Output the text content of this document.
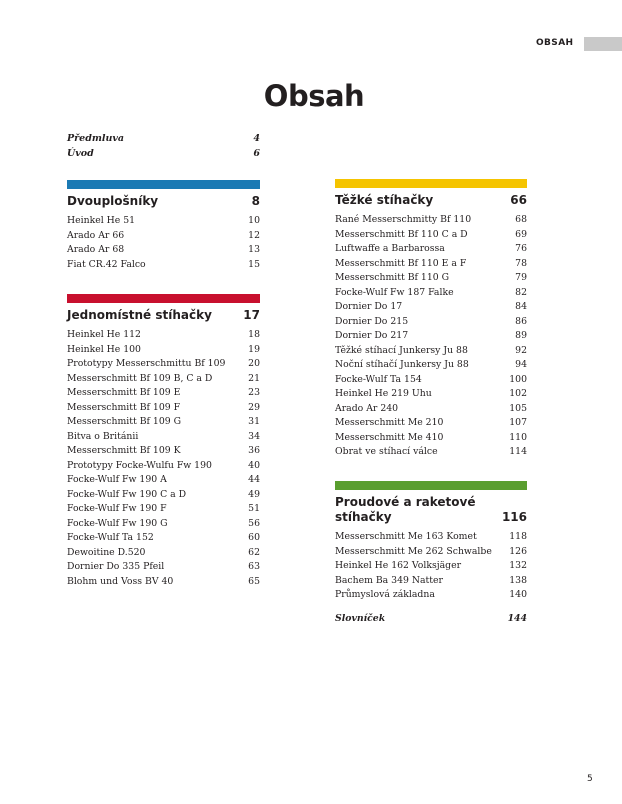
OBSAH
Obsah
Předmluva	4
Úvod	6
Dvouplošníky	8
Heinkel He 51	10
Arado Ar 66	12
Arado Ar 68	13
Fiat CR.42 Falco	15
Jednomístné stíhačky	17
Heinkel He 112	18
Heinkel He 100	19
Prototypy Messerschmittu Bf 109 20
Messerschmitt Bf 109 B, C a D	21
Messerschmitt Bf 109 E	23
Messerschmitt Bf 109 F	29
Messerschmitt Bf 109 G	31
Bitva o Británii	34
Messerschmitt Bf 109 K	36
Prototypy Focke-Wulfu Fw 190	40
Focke-Wulf Fw 190 A	44
Focke-Wulf Fw 190 C a D	49
Focke-Wulf Fw 190 F	51
Focke-Wulf Fw 190 G	56
Focke-Wulf Ta 152	60
Dewoitine D.520	62
Dornier Do 335 Pfeil	63
Blohm und Voss BV 40	65
Těžké stíhačky	66
Rané Messerschmitty Bf 110	68
Messerschmitt Bf 110 C a D	69
Luftwaffe a Barbarossa	76
Messerschmitt Bf 110 E a F	78
Messerschmitt Bf 110 G	79
Focke-Wulf Fw 187 Falke	82
Dornier Do 17	84
Dornier Do 215	86
Dornier Do 217	89
Těžké stíhací Junkersy Ju 88	92
Noční stíhačí Junkersy Ju 88	94
Focke-Wulf Ta 154	100
Heinkel He 219 Uhu	102
Arado Ar 240	105
Messerschmitt Me 210	107
Messerschmitt Me 410	110
Obrat ve stíhací válce	114
Proudové a raketové stíhačky	116
Messerschmitt Me 163 Komet	118
Messerschmitt Me 262 Schwalbe 126
Heinkel He 162 Volksjäger	132
Bachem Ba 349 Natter	138
Průmyslová základna	140
Slovníček	144
5
